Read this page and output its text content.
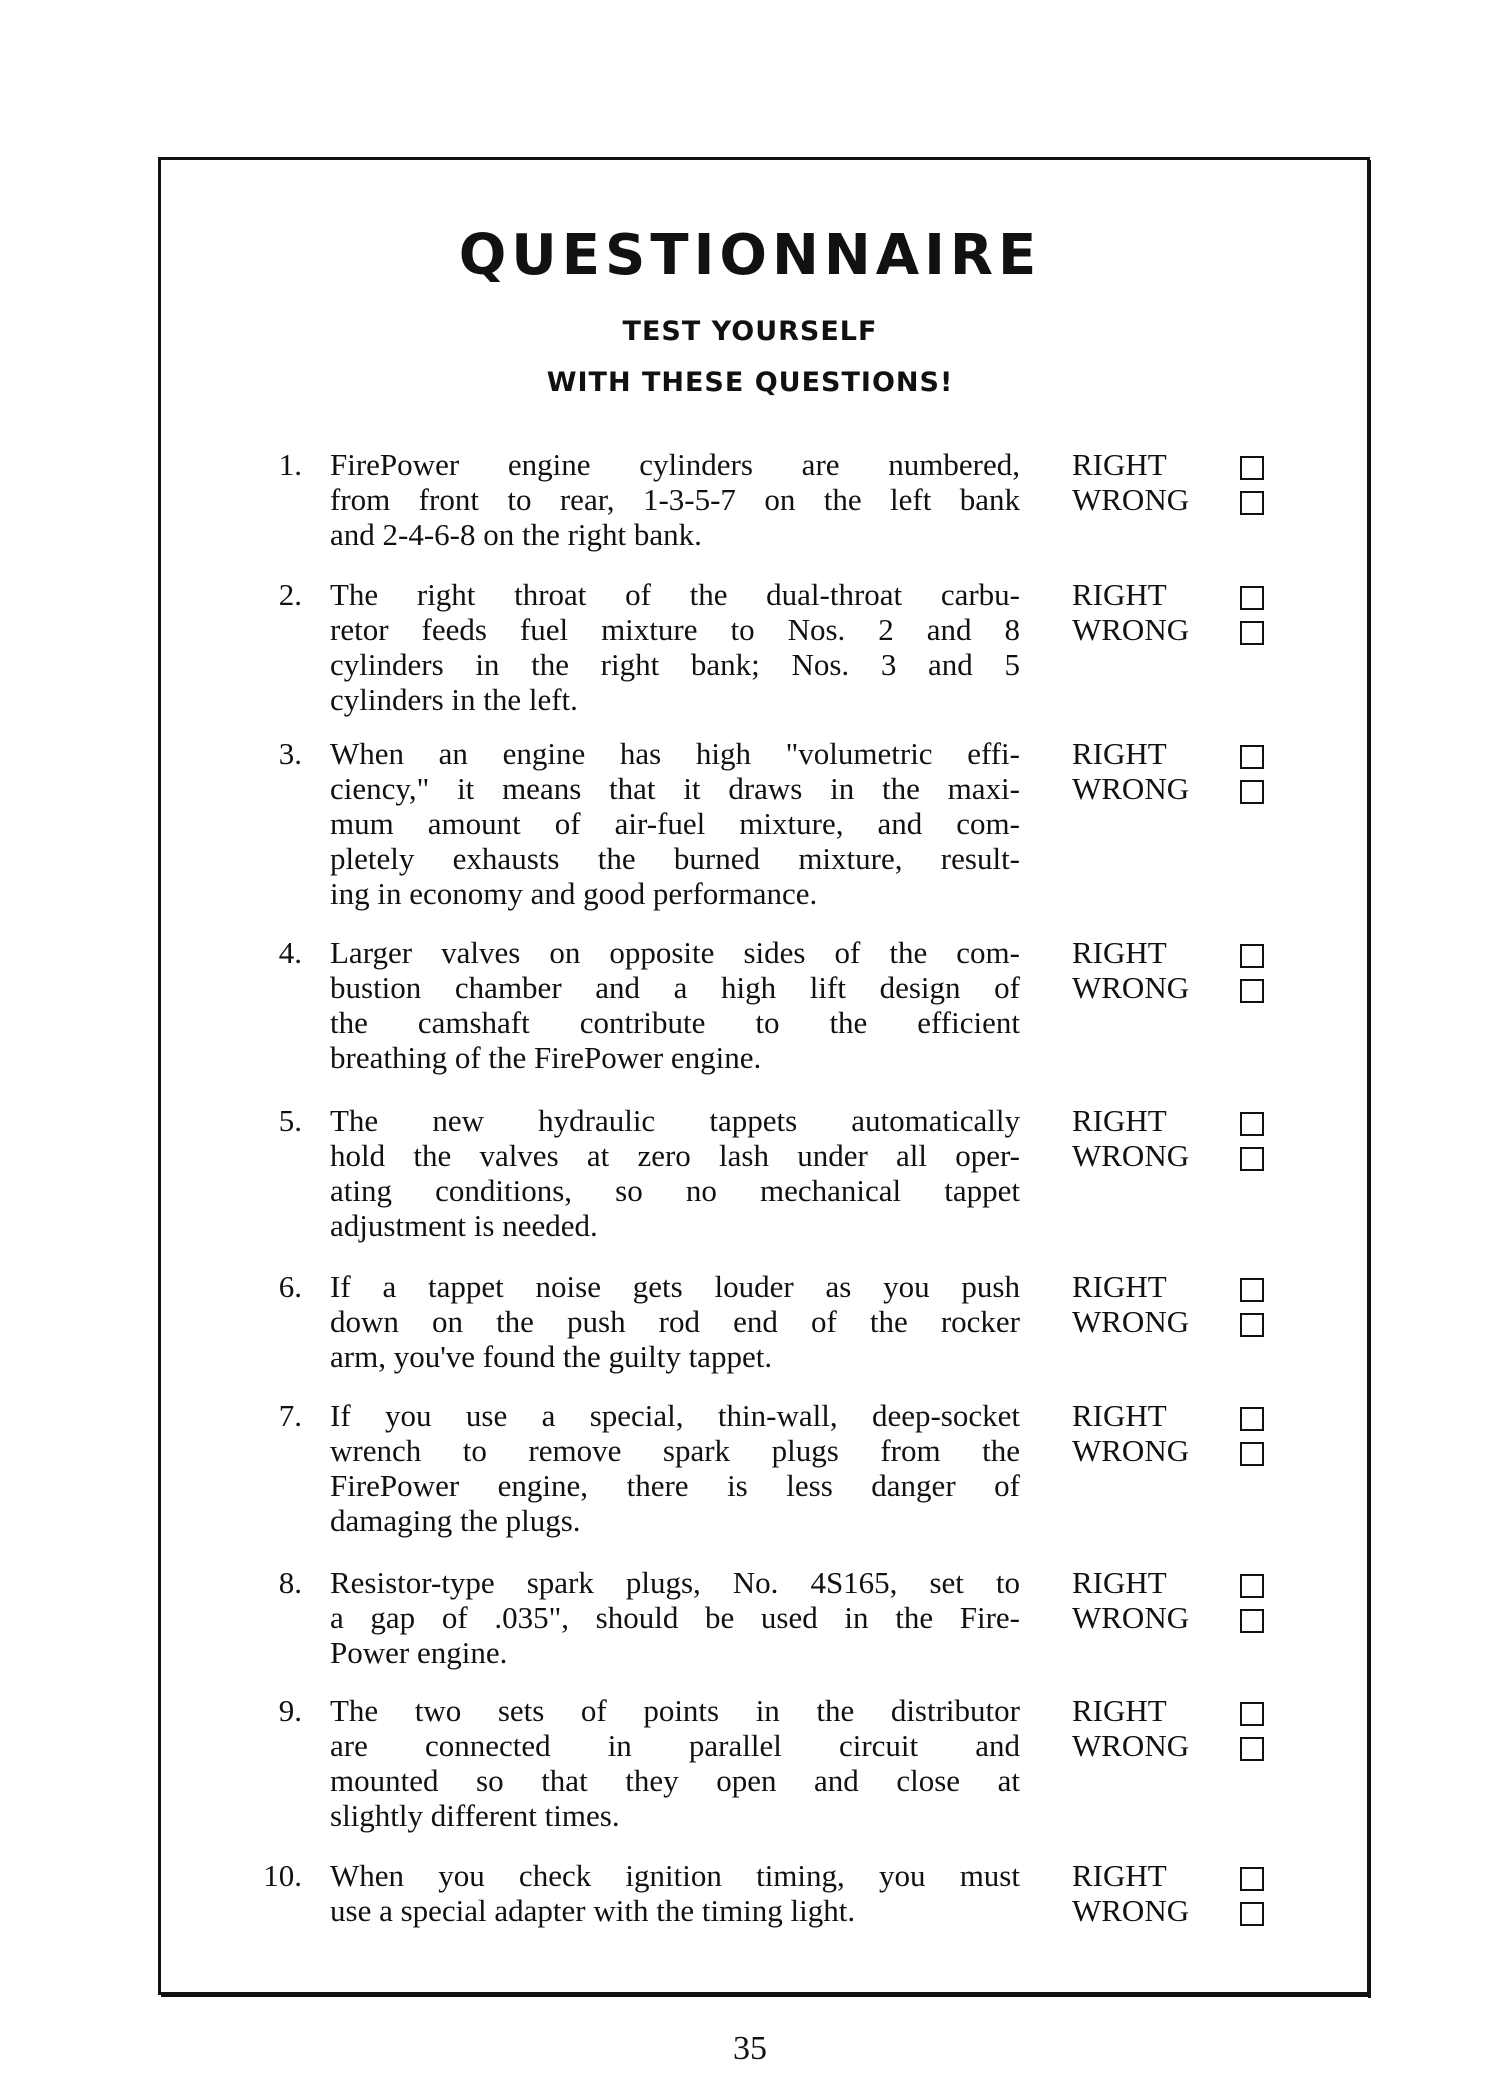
QUESTIONNAIRE
TEST YOURSELF
WITH THESE QUESTIONS!
1. FirePower engine cylinders are numbered,
from front to rear, 1-3-5-7 on the left bank
and 2-4-6-8 on the right bank.
RIGHT
WRONG
2. The right throat of the dual-throat carbu-
retor feeds fuel mixture to Nos. 2 and 8
cylinders in the right bank; Nos. 3 and 5
cylinders in the left.
RIGHT
WRONG
3. When an engine has high "volumetric effi-
ciency," it means that it draws in the maxi-
mum amount of air-fuel mixture, and com-
pletely exhausts the burned mixture, result-
ing in economy and good performance.
RIGHT
WRONG
4. Larger valves on opposite sides of the com-
bustion chamber and a high lift design of
the camshaft contribute to the efficient
breathing of the FirePower engine.
RIGHT
WRONG
5. The new hydraulic tappets automatically
hold the valves at zero lash under all oper-
ating conditions, so no mechanical tappet
adjustment is needed.
RIGHT
WRONG
6. If a tappet noise gets louder as you push
down on the push rod end of the rocker
arm, you've found the guilty tappet.
RIGHT
WRONG
7. If you use a special, thin-wall, deep-socket
wrench to remove spark plugs from the
FirePower engine, there is less danger of
damaging the plugs.
RIGHT
WRONG
8. Resistor-type spark plugs, No. 4S165, set to
a gap of .035", should be used in the Fire-
Power engine.
RIGHT
WRONG
9. The two sets of points in the distributor
are connected in parallel circuit and
mounted so that they open and close at
slightly different times.
RIGHT
WRONG
10. When you check ignition timing, you must
use a special adapter with the timing light.
RIGHT
WRONG
35
